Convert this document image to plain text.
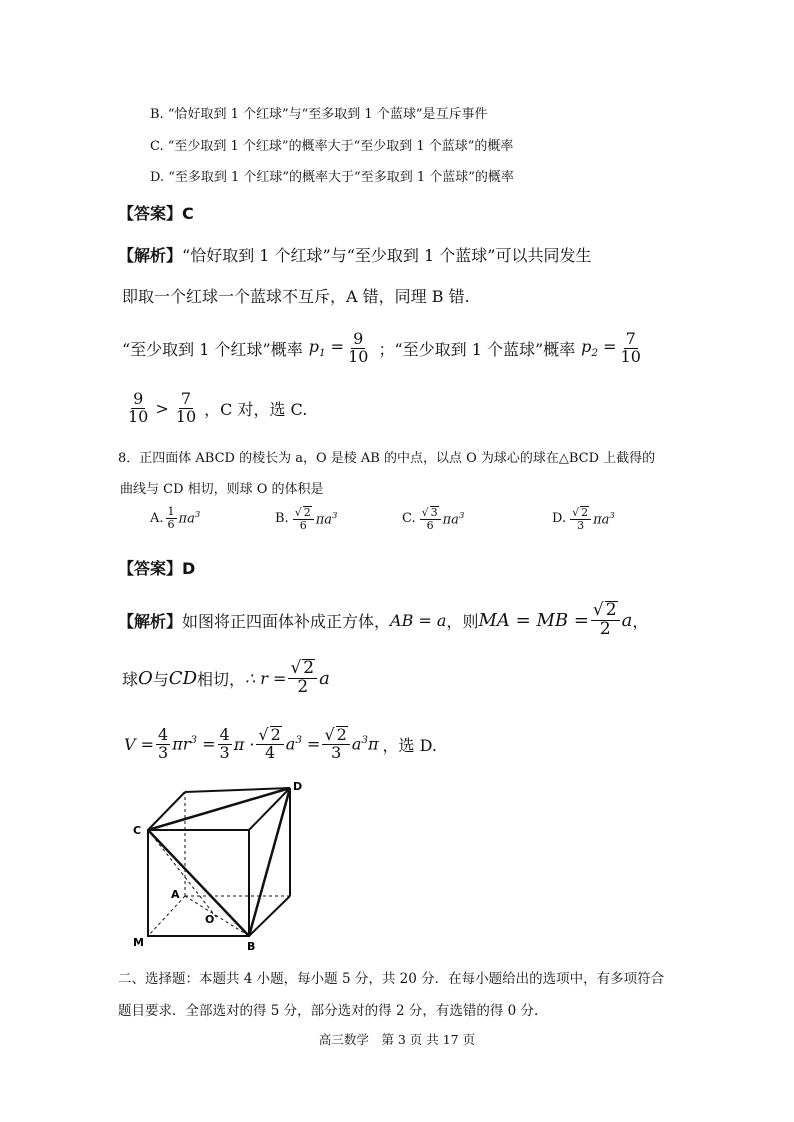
B. “恰好取到 1 个红球”与“至多取到 1 个蓝球”是互斥事件
C. “至少取到 1 个红球”的概率大于“至少取到 1 个蓝球”的概率
D. “至多取到 1 个红球”的概率大于“至多取到 1 个蓝球”的概率
【答案】C
【解析】“恰好取到 1 个红球”与“至少取到 1 个蓝球”可以共同发生
即取一个红球一个蓝球不互斥，A 错，同理 B 错.
“至少取到 1 个红球”概率 $p_1 = \frac{9}{10}$ ；“至少取到 1 个蓝球”概率 $p_2 = \frac{7}{10}$
$\frac{9}{10} > \frac{7}{10}$ ，C 对，选 C.
8．正四面体 ABCD 的棱长为 a，O 是棱 AB 的中点，以点 O 为球心的球在△BCD 上截得的
曲线与 CD 相切，则球 O 的体积是
A. $\frac{1}{6} \pi a^3$	B. $\frac{√ 2}{6} \pi a^3$	C. $\frac{√ 3}{6} \pi a^3$	D. $\frac{√ 2}{3} \pi a^3$
【答案】D
【解析】 如图将正四面体补成正方体， AB = a ，则 MA = MB = $\frac{√ 2}{2}$ a ，
球 O 与 CD 相切， ∴ $r = \frac{√ 2}{2}$ a
$V = \frac{4}{3} \pi r^3 = \frac{4}{3}$ $\pi \cdot \frac{√ 2}{4} a^3 = \frac{√ 2}{3} a^3\pi$ ，选 D.
D
C
A
O
M	B
二、选择题：本题共 4 小题，每小题 5 分，共 20 分．在每小题给出的选项中，有多项符合
题目要求．全部选对的得 5 分，部分选对的得 2 分，有选错的得 0 分.
高三数学　第 3 页 共 17 页
